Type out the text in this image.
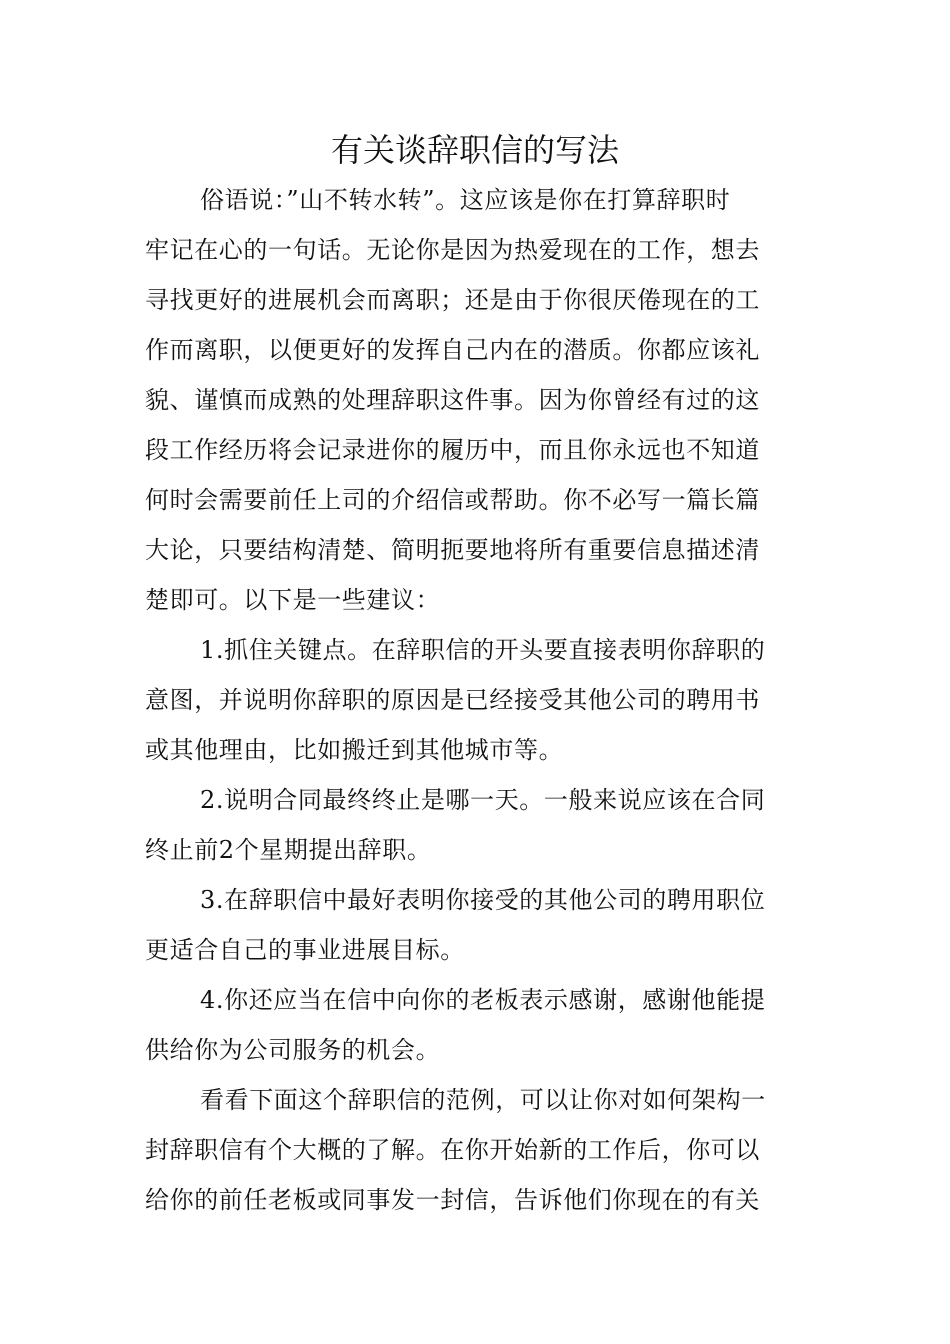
有关谈辞职信的写法
俗语说：”山不转水转”。这应该是你在打算辞职时
牢记在心的一句话。无论你是因为热爱现在的工作，想去
寻找更好的进展机会而离职；还是由于你很厌倦现在的工
作而离职，以便更好的发挥自己内在的潜质。你都应该礼
貌、谨慎而成熟的处理辞职这件事。因为你曾经有过的这
段工作经历将会记录进你的履历中，而且你永远也不知道
何时会需要前任上司的介绍信或帮助。你不必写一篇长篇
大论，只要结构清楚、简明扼要地将所有重要信息描述清
楚即可。以下是一些建议：
1.抓住关键点。在辞职信的开头要直接表明你辞职的
意图，并说明你辞职的原因是已经接受其他公司的聘用书
或其他理由，比如搬迁到其他城市等。
2.说明合同最终终止是哪一天。一般来说应该在合同
终止前2个星期提出辞职。
3.在辞职信中最好表明你接受的其他公司的聘用职位
更适合自己的事业进展目标。
4.你还应当在信中向你的老板表示感谢，感谢他能提
供给你为公司服务的机会。
看看下面这个辞职信的范例，可以让你对如何架构一
封辞职信有个大概的了解。在你开始新的工作后，你可以
给你的前任老板或同事发一封信，告诉他们你现在的有关
